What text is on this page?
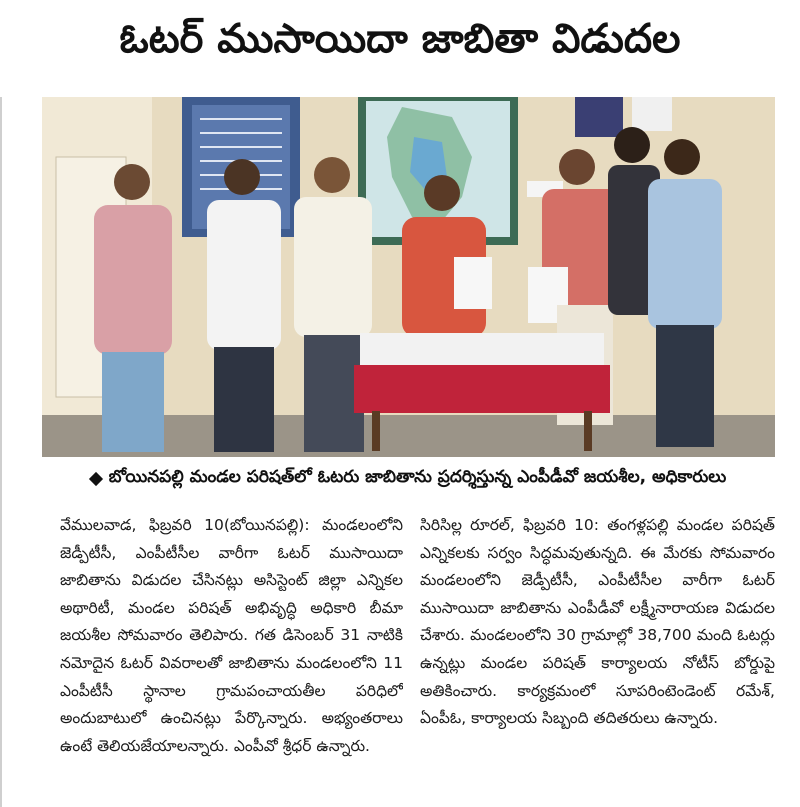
ఓటర్ ముసాయిదా జాబితా విడుదల
బోయినపల్లి మండల పరిషత్‌లో ఓటరు జాబితాను ప్రదర్శిస్తున్న ఎంపీడీవో జయశీల, అధికారులు

వేములవాడ, ఫిబ్రవరి 10(బోయినపల్లి): మండలంలోని జెడ్పీటీసీ, ఎంపీటీసీల వారీగా ఓటర్ ముసాయిదా జాబితాను విడుదల చేసినట్లు అసిస్టెంట్ జిల్లా ఎన్నికల అథారిటీ, మండల పరిషత్ అభివృద్ధి అధికారి బీమా జయశీల సోమవారం తెలిపారు. గత డిసెంబర్ 31 నాటికి నమోదైన ఓటర్ వివరాలతో జాబితాను మండలంలోని 11 ఎంపీటీసీ స్థానాల గ్రామపంచాయతీల పరిధిలో అందుబాటులో ఉంచినట్లు పేర్కొన్నారు. అభ్యంతరాలు ఉంటే తెలియజేయాలన్నారు. ఎంపీవో శ్రీధర్ ఉన్నారు.

సిరిసిల్ల రూరల్, ఫిబ్రవరి 10: తంగళ్లపల్లి మండల పరిషత్ ఎన్నికలకు సర్వం సిద్ధమవుతున్నది. ఈ మేరకు సోమవారం మండలంలోని జెడ్పీటీసీ, ఎంపీటీసీల వారీగా ఓటర్ ముసాయిదా జాబితాను ఎంపీడీవో లక్ష్మీనారాయణ విడుదల చేశారు. మండలంలోని 30 గ్రామాల్లో 38,700 మంది ఓటర్లు ఉన్నట్లు మండల పరిషత్ కార్యాలయ నోటీస్ బోర్డుపై అతికించారు. కార్యక్రమంలో సూపరింటెండెంట్ రమేశ్, ఏంపీఓ, కార్యాలయ సిబ్బంది తదితరులు ఉన్నారు.
